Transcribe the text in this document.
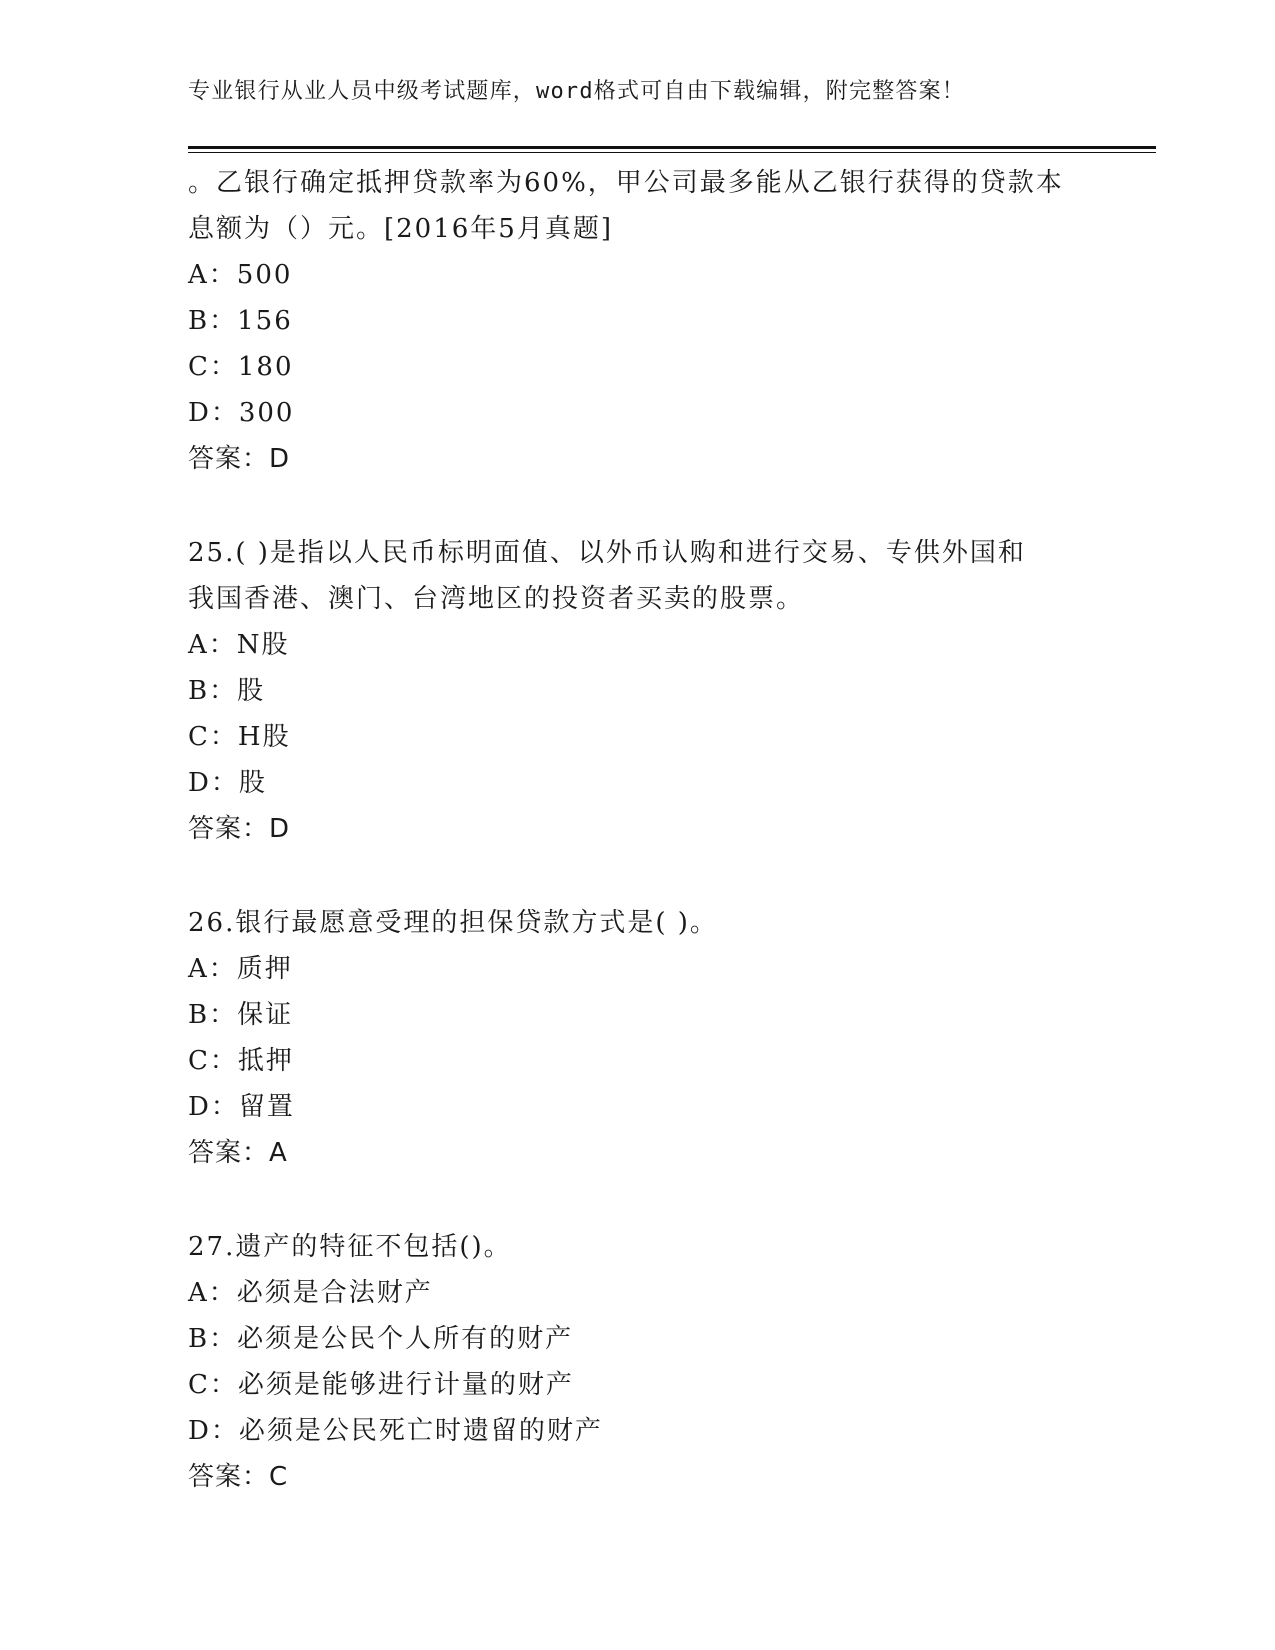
专业银行从业人员中级考试题库，word格式可自由下载编辑，附完整答案！

。乙银行确定抵押贷款率为60%，甲公司最多能从乙银行获得的贷款本

息额为（）元。[2016年5月真题]

A：500

B：156

C：180

D：300

答案：D

25.( )是指以人民币标明面值、以外币认购和进行交易、专供外国和

我国香港、澳门、台湾地区的投资者买卖的股票。

A：N股

B：股

C：H股

D：股

答案：D

26.银行最愿意受理的担保贷款方式是( )。

A：质押

B：保证

C：抵押

D：留置

答案：A

27.遗产的特征不包括()。

A：必须是合法财产

B：必须是公民个人所有的财产

C：必须是能够进行计量的财产

D：必须是公民死亡时遗留的财产

答案：C
